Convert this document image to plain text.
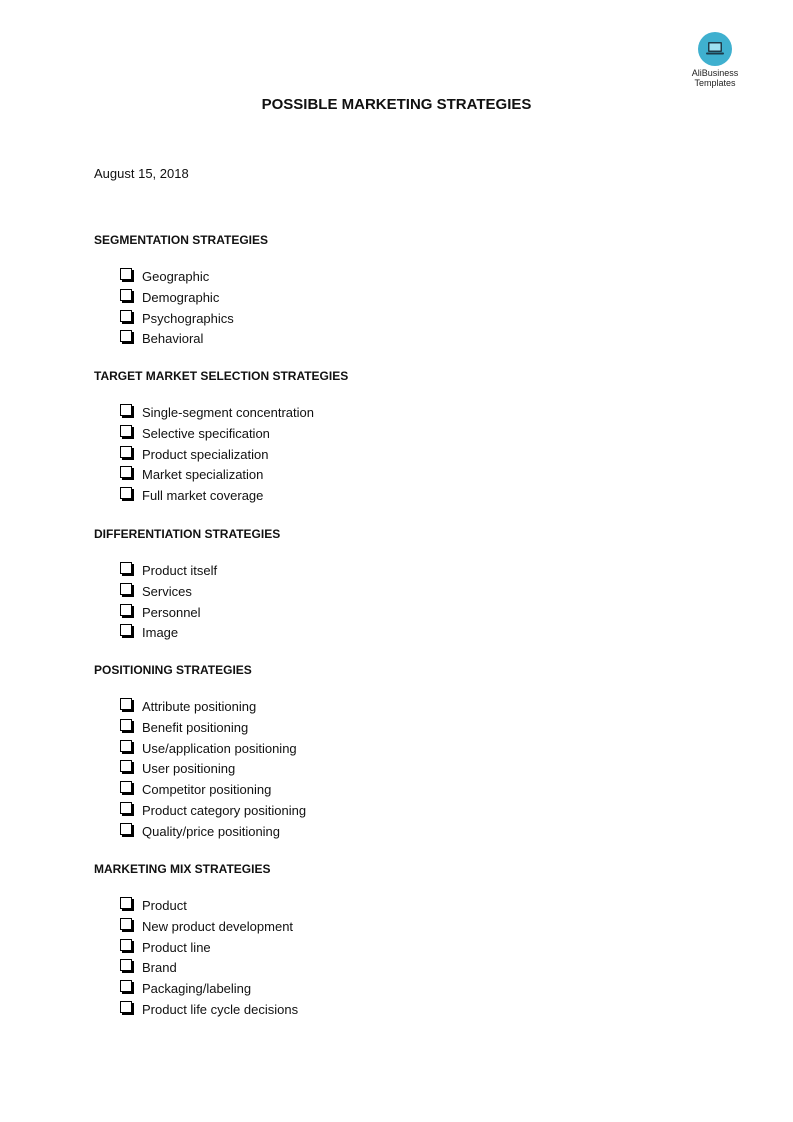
AliBusiness
Templates
POSSIBLE MARKETING STRATEGIES
August 15, 2018
SEGMENTATION STRATEGIES
Geographic
Demographic
Psychographics
Behavioral
TARGET MARKET SELECTION STRATEGIES
Single-segment concentration
Selective specification
Product specialization
Market specialization
Full market coverage
DIFFERENTIATION STRATEGIES
Product itself
Services
Personnel
Image
POSITIONING STRATEGIES
Attribute positioning
Benefit positioning
Use/application positioning
User positioning
Competitor positioning
Product category positioning
Quality/price positioning
MARKETING MIX STRATEGIES
Product
New product development
Product line
Brand
Packaging/labeling
Product life cycle decisions
